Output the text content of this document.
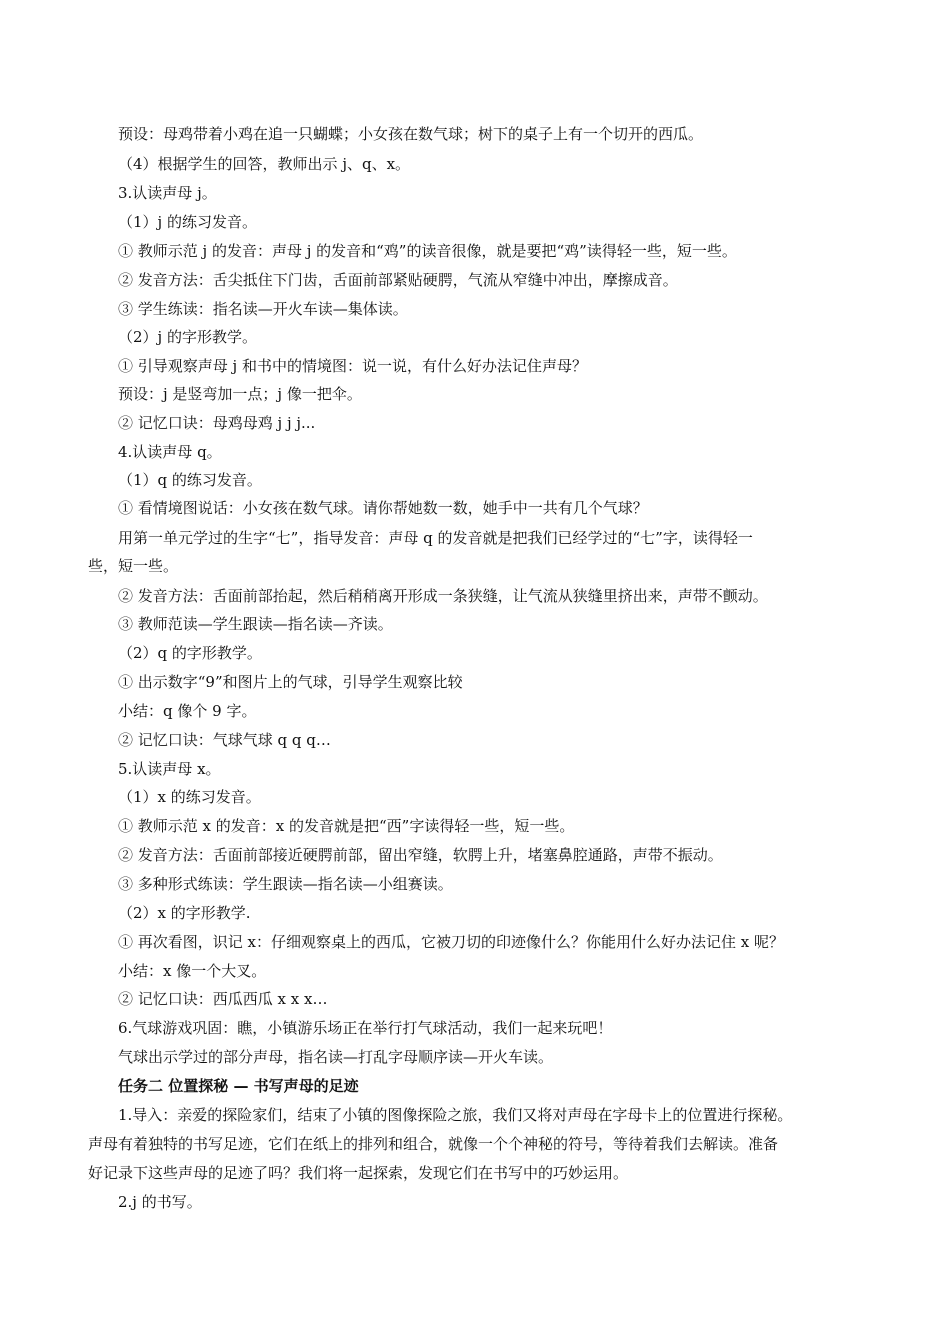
预设：母鸡带着小鸡在追一只蝴蝶；小女孩在数气球；树下的桌子上有一个切开的西瓜。
（4）根据学生的回答，教师出示 j、q、x。
3.认读声母 j。
（1）j 的练习发音。
① 教师示范 j 的发音：声母 j 的发音和“鸡”的读音很像，就是要把“鸡”读得轻一些，短一些。
② 发音方法：舌尖抵住下门齿，舌面前部紧贴硬腭，气流从窄缝中冲出，摩擦成音。
③ 学生练读：指名读—开火车读—集体读。
（2）j 的字形教学。
① 引导观察声母 j 和书中的情境图：说一说，有什么好办法记住声母？
预设：j 是竖弯加一点；j 像一把伞。
② 记忆口诀：母鸡母鸡 j j j...
4.认读声母 q。
（1）q 的练习发音。
① 看情境图说话：小女孩在数气球。请你帮她数一数，她手中一共有几个气球？
用第一单元学过的生字“七”，指导发音：声母 q 的发音就是把我们已经学过的“七”字，读得轻一
些，短一些。
② 发音方法：舌面前部抬起，然后稍稍离开形成一条狭缝，让气流从狭缝里挤出来，声带不颤动。
③ 教师范读—学生跟读—指名读—齐读。
（2）q 的字形教学。
① 出示数字“9”和图片上的气球，引导学生观察比较
小结：q 像个 9 字。
② 记忆口诀：气球气球 q q q…
5.认读声母 x。
（1）x 的练习发音。
① 教师示范 x 的发音：x 的发音就是把“西”字读得轻一些，短一些。
② 发音方法：舌面前部接近硬腭前部，留出窄缝，软腭上升，堵塞鼻腔通路，声带不振动。
③ 多种形式练读：学生跟读—指名读—小组赛读。
（2）x 的字形教学.
① 再次看图，识记 x：仔细观察桌上的西瓜，它被刀切的印迹像什么？你能用什么好办法记住 x 呢？
小结：x 像一个大叉。
② 记忆口诀：西瓜西瓜 x x x…
6.气球游戏巩固：瞧，小镇游乐场正在举行打气球活动，我们一起来玩吧！
气球出示学过的部分声母，指名读—打乱字母顺序读—开火车读。
任务二 位置探秘 — 书写声母的足迹
1.导入：亲爱的探险家们，结束了小镇的图像探险之旅，我们又将对声母在字母卡上的位置进行探秘。
声母有着独特的书写足迹，它们在纸上的排列和组合，就像一个个神秘的符号，等待着我们去解读。准备
好记录下这些声母的足迹了吗？我们将一起探索，发现它们在书写中的巧妙运用。
2.j 的书写。
